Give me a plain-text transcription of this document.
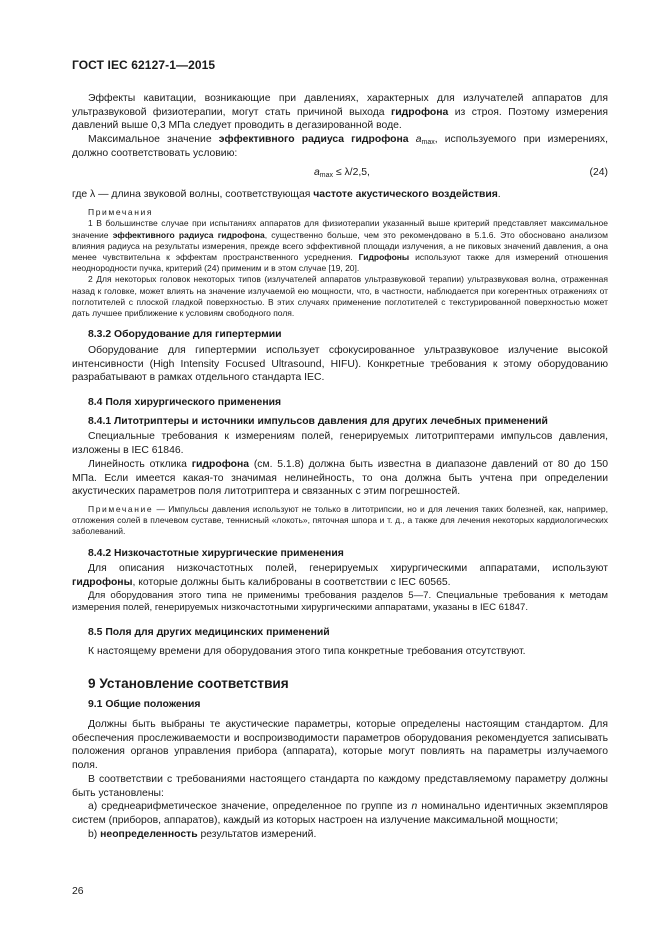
ГОСТ IEC 62127-1—2015

Эффекты кавитации, возникающие при давлениях, характерных для излучателей аппаратов для ультразвуковой физиотерапии, могут стать причиной выхода гидрофона из строя. Поэтому измерения давлений выше 0,3 МПа следует проводить в дегазированной воде.

Максимальное значение эффективного радиуса гидрофона $a_{max}$, используемого при измерениях, должно соответствовать условию:

$a_{max} \le \lambda/2,5$,	(24)

где λ — длина звуковой волны, соответствующая частоте акустического воздействия.

Примечания

1 В большинстве случае при испытаниях аппаратов для физиотерапии указанный выше критерий представляет максимальное значение эффективного радиуса гидрофона, существенно больше, чем это рекомендовано в 5.1.6. Это обосновано анализом влияния радиуса на результаты измерения, прежде всего эффективной площади излучения, а не пиковых значений давления, а она менее чувствительна к эффектам пространственного усреднения. Гидрофоны используют также для измерений отношения неоднородности пучка, критерий (24) применим и в этом случае [19, 20].

2 Для некоторых головок некоторых типов (излучателей аппаратов ультразвуковой терапии) ультразвуковая волна, отраженная назад к головке, может влиять на значение излучаемой ею мощности, что, в частности, наблюдается при когерентных отражениях от поглотителей с плоской гладкой поверхностью. В этих случаях применение поглотителей с текстурированной поверхностью может дать лучшее приближение к условиям свободного поля.

8.3.2 Оборудование для гипертермии

Оборудование для гипертермии использует сфокусированное ультразвуковое излучение высокой интенсивности (High Intensity Focused Ultrasound, HIFU). Конкретные требования к этому оборудованию разрабатывают в рамках отдельного стандарта IEC.

8.4 Поля хирургического применения

8.4.1 Литотриптеры и источники импульсов давления для других лечебных применений

Специальные требования к измерениям полей, генерируемых литотриптерами импульсов давления, изложены в IEC 61846.

Линейность отклика гидрофона (см. 5.1.8) должна быть известна в диапазоне давлений от 80 до 150 МПа. Если имеется какая-то значимая нелинейность, то она должна быть учтена при определении акустических параметров поля литотриптера и связанных с этим погрешностей.

Примечание — Импульсы давления используют не только в литотрипсии, но и для лечения таких болезней, как, например, отложения солей в плечевом суставе, теннисный «локоть», пяточная шпора и т. д., а также для лечения некоторых кардиологических заболеваний.

8.4.2 Низкочастотные хирургические применения

Для описания низкочастотных полей, генерируемых хирургическими аппаратами, используют гидрофоны, которые должны быть калиброваны в соответствии с IEC 60565.

Для оборудования этого типа не применимы требования разделов 5—7. Специальные требования к методам измерения полей, генерируемых низкочастотными хирургическими аппаратами, указаны в IEC 61847.

8.5 Поля для других медицинских применений

К настоящему времени для оборудования этого типа конкретные требования отсутствуют.

9 Установление соответствия

9.1 Общие положения

Должны быть выбраны те акустические параметры, которые определены настоящим стандартом. Для обеспечения прослеживаемости и воспроизводимости параметров оборудования рекомендуется записывать положения органов управления прибора (аппарата), которые могут повлиять на параметры излучаемого поля.

В соответствии с требованиями настоящего стандарта по каждому представляемому параметру должны быть установлены:

a) среднеарифметическое значение, определенное по группе из n номинально идентичных экземпляров систем (приборов, аппаратов), каждый из которых настроен на излучение максимальной мощности;

b) неопределенность результатов измерений.

26
